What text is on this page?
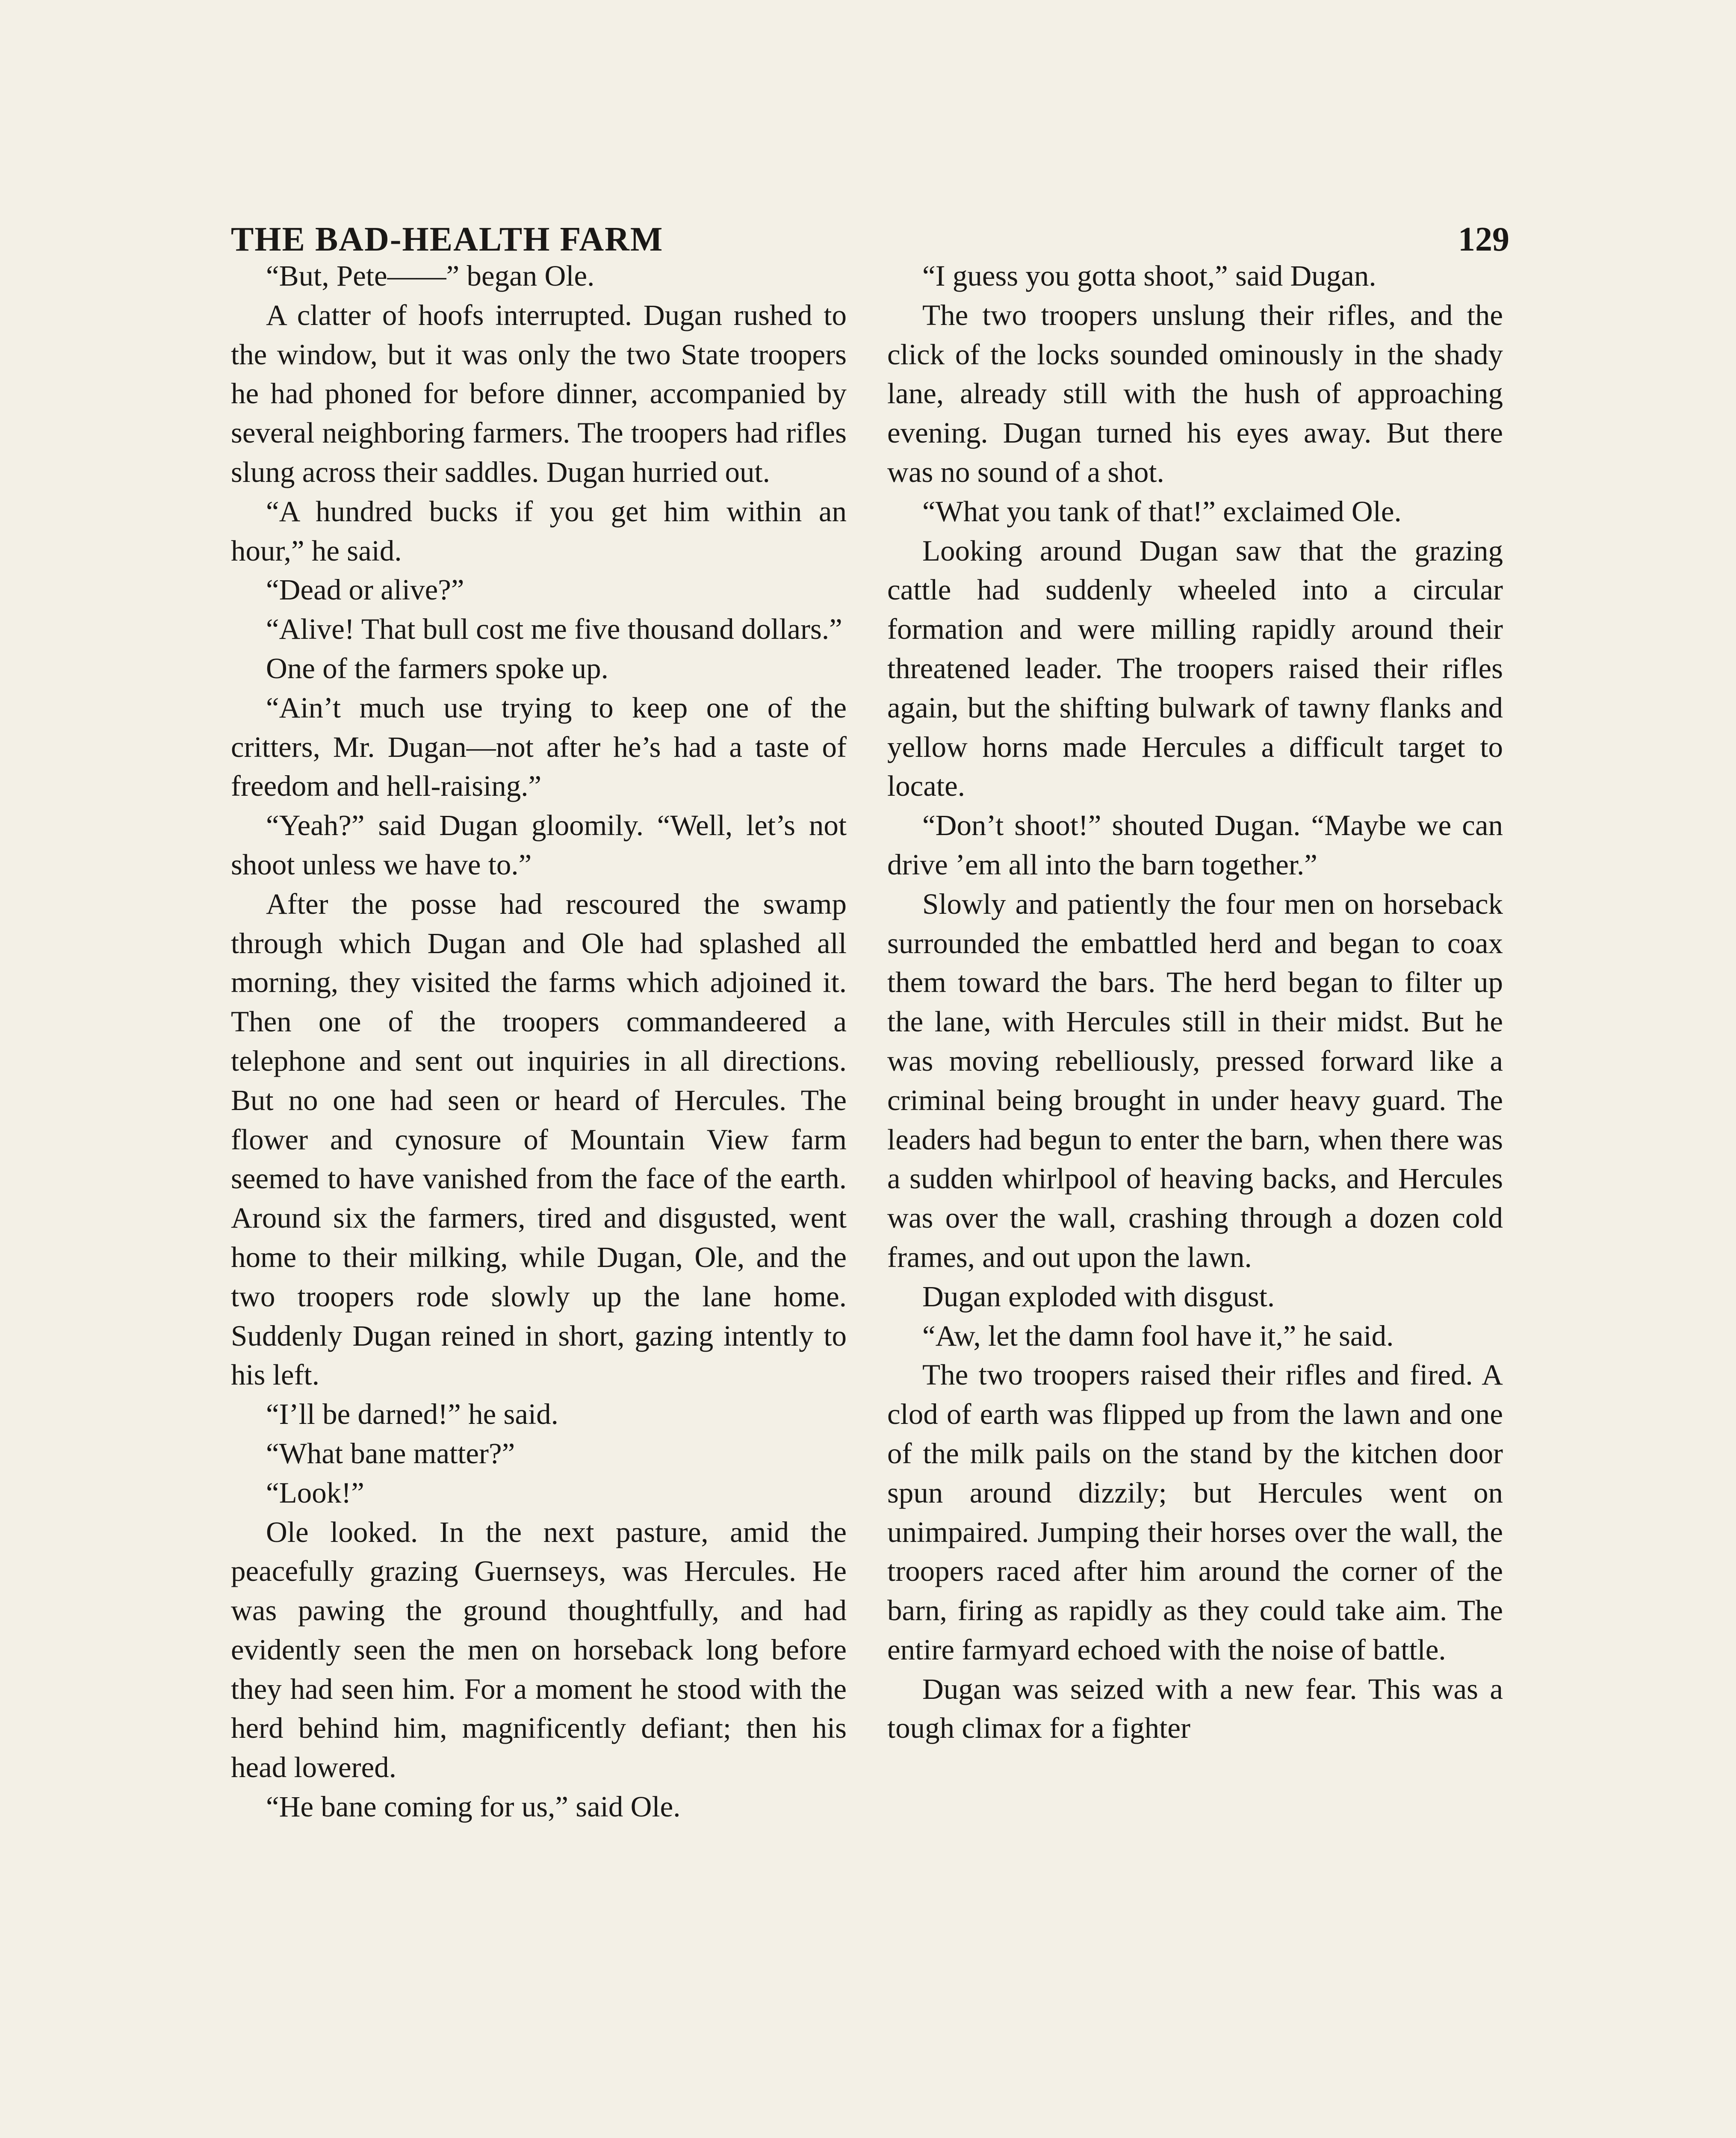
THE BAD-HEALTH FARM	129

“But, Pete——” began Ole.

A clatter of hoofs interrupted. Dugan rushed to the window, but it was only the two State troopers he had phoned for before dinner, accompanied by several neighboring farmers. The troopers had rifles slung across their saddles. Dugan hurried out.

“A hundred bucks if you get him within an hour,” he said.

“Dead or alive?”

“Alive! That bull cost me five thousand dollars.”

One of the farmers spoke up.

“Ain’t much use trying to keep one of the critters, Mr. Dugan—not after he’s had a taste of freedom and hell-raising.”

“Yeah?” said Dugan gloomily. “Well, let’s not shoot unless we have to.”

After the posse had rescoured the swamp through which Dugan and Ole had splashed all morning, they visited the farms which adjoined it. Then one of the troopers commandeered a telephone and sent out inquiries in all directions. But no one had seen or heard of Hercules. The flower and cynosure of Mountain View farm seemed to have vanished from the face of the earth. Around six the farmers, tired and disgusted, went home to their milking, while Dugan, Ole, and the two troopers rode slowly up the lane home. Suddenly Dugan reined in short, gazing intently to his left.

“I’ll be darned!” he said.

“What bane matter?”

“Look!”

Ole looked. In the next pasture, amid the peacefully grazing Guernseys, was Hercules. He was pawing the ground thoughtfully, and had evidently seen the men on horseback long before they had seen him. For a moment he stood with the herd behind him, magnificently defiant; then his head lowered.

“He bane coming for us,” said Ole.

“I guess you gotta shoot,” said Dugan.

The two troopers unslung their rifles, and the click of the locks sounded ominously in the shady lane, already still with the hush of approaching evening. Dugan turned his eyes away. But there was no sound of a shot.

“What you tank of that!” exclaimed Ole.

Looking around Dugan saw that the grazing cattle had suddenly wheeled into a circular formation and were milling rapidly around their threatened leader. The troopers raised their rifles again, but the shifting bulwark of tawny flanks and yellow horns made Hercules a difficult target to locate.

“Don’t shoot!” shouted Dugan. “Maybe we can drive ’em all into the barn together.”

Slowly and patiently the four men on horseback surrounded the embattled herd and began to coax them toward the bars. The herd began to filter up the lane, with Hercules still in their midst. But he was moving rebelliously, pressed forward like a criminal being brought in under heavy guard. The leaders had begun to enter the barn, when there was a sudden whirlpool of heaving backs, and Hercules was over the wall, crashing through a dozen cold frames, and out upon the lawn.

Dugan exploded with disgust.

“Aw, let the damn fool have it,” he said.

The two troopers raised their rifles and fired. A clod of earth was flipped up from the lawn and one of the milk pails on the stand by the kitchen door spun around dizzily; but Hercules went on unimpaired. Jumping their horses over the wall, the troopers raced after him around the corner of the barn, firing as rapidly as they could take aim. The entire farmyard echoed with the noise of battle.

Dugan was seized with a new fear. This was a tough climax for a fighter
